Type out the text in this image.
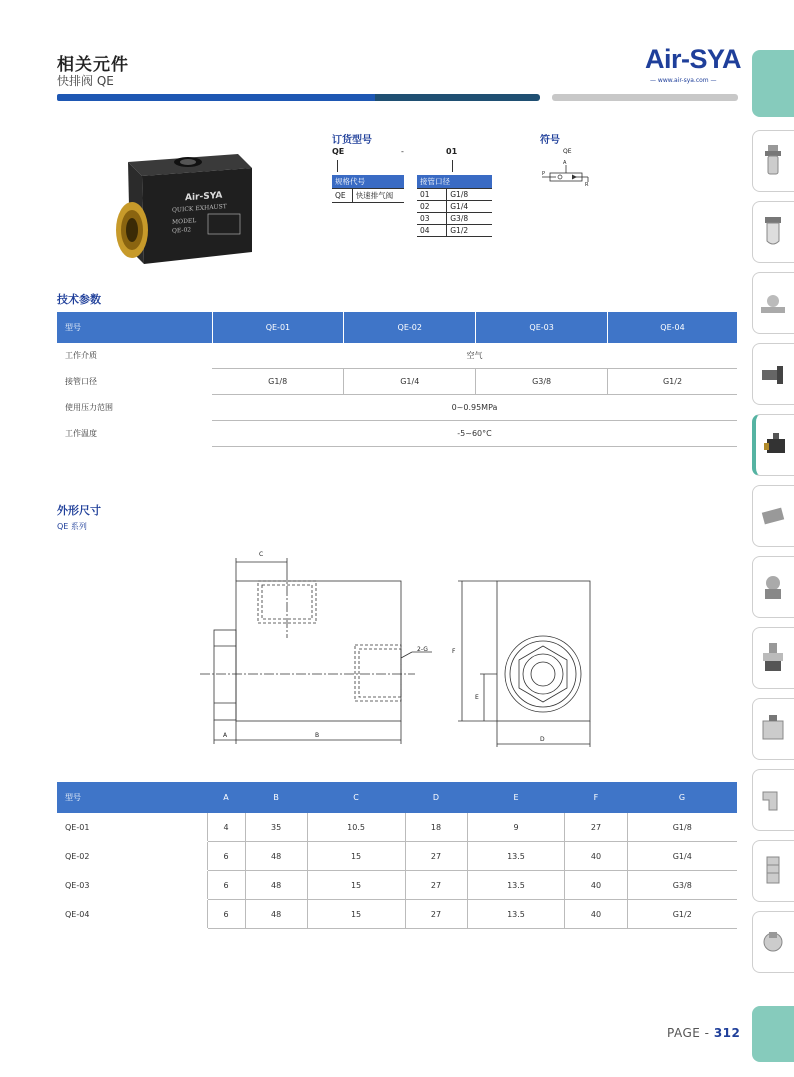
相关元件
快排阀 QE
Air-SYA
— www.air-sya.com —
Air-SYA
QUICK EXHAUST
MODEL
QE-02
订货型号
QE	-	01
规格代号
QE	快速排气阀
接管口径	
01	G1/8
02	G1/4
03	G3/8
04	G1/2
符号
QE
P
A
R
技术参数
型号	QE-01	QE-02	QE-03	QE-04
工作介质	空气			
接管口径	G1/8	G1/4	G3/8	G1/2
使用压力范围	0~0.95MPa			
工作温度	-5~60°C			
外形尺寸
QE 系列
C
A	B
2-G	F
E
D
型号	A	B	C	D	E	F	G
QE-01	4	35	10.5	18	9	27	G1/8
QE-02	6	48	15	27	13.5	40	G1/4
QE-03	6	48	15	27	13.5	40	G3/8
QE-04	6	48	15	27	13.5	40	G1/2
PAGE - 312
